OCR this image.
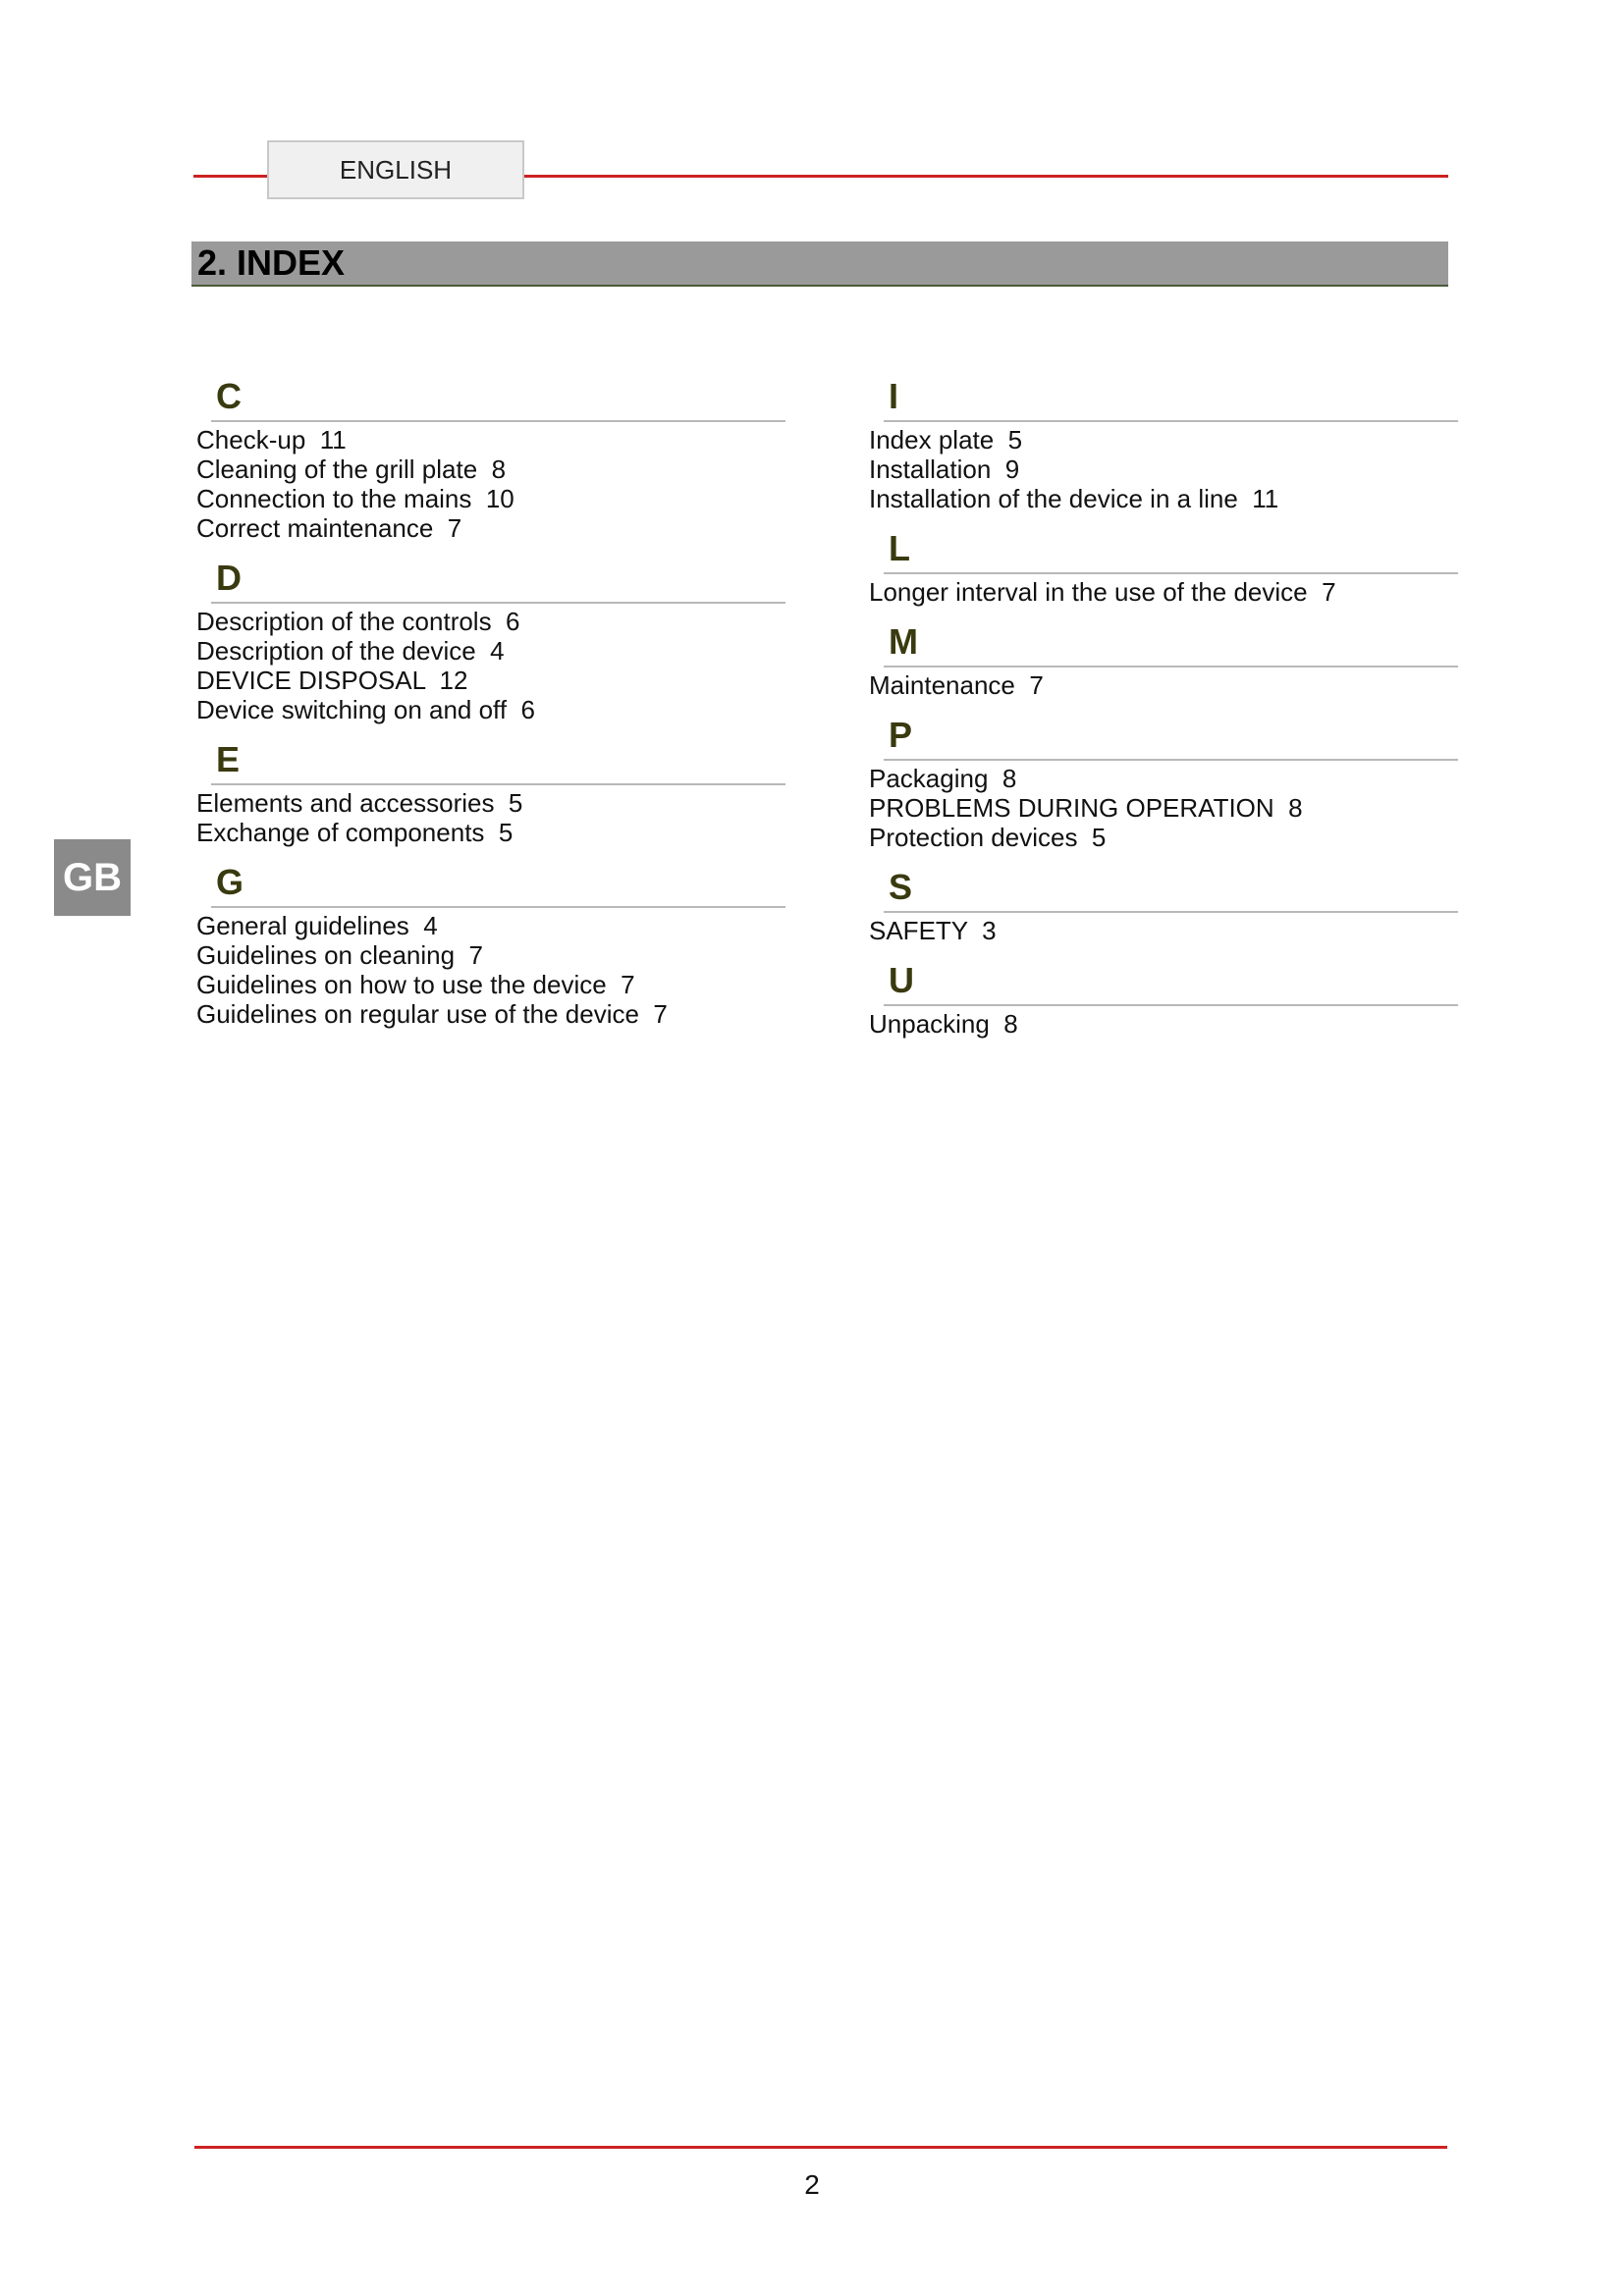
ENGLISH
2. INDEX
GB
C
Check-up  11
Cleaning of the grill plate  8
Connection to the mains  10
Correct maintenance  7
D
Description of the controls  6
Description of the device  4
DEVICE DISPOSAL  12
Device switching on and off  6
E
Elements and accessories  5
Exchange of components  5
G
General guidelines  4
Guidelines on cleaning  7
Guidelines on how to use the device  7
Guidelines on regular use of the device  7
I
Index plate  5
Installation  9
Installation of the device in a line  11
L
Longer interval in the use of the device  7
M
Maintenance  7
P
Packaging  8
PROBLEMS DURING OPERATION  8
Protection devices  5
S
SAFETY  3
U
Unpacking  8
2
